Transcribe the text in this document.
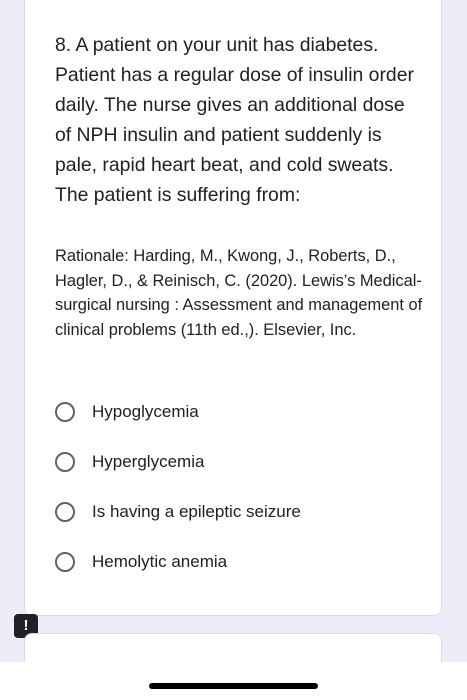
8. A patient on your unit has diabetes. Patient has a regular dose of insulin order daily. The nurse gives an additional dose of NPH insulin and patient suddenly is pale, rapid heart beat, and cold sweats. The patient is suffering from:

Rationale: Harding, M., Kwong, J., Roberts, D., Hagler, D., & Reinisch, C. (2020). Lewis’s Medical-surgical nursing : Assessment and management of clinical problems (11th ed.,). Elsevier, Inc.

Hypoglycemia
Hyperglycemia
Is having a epileptic seizure
Hemolytic anemia
!
